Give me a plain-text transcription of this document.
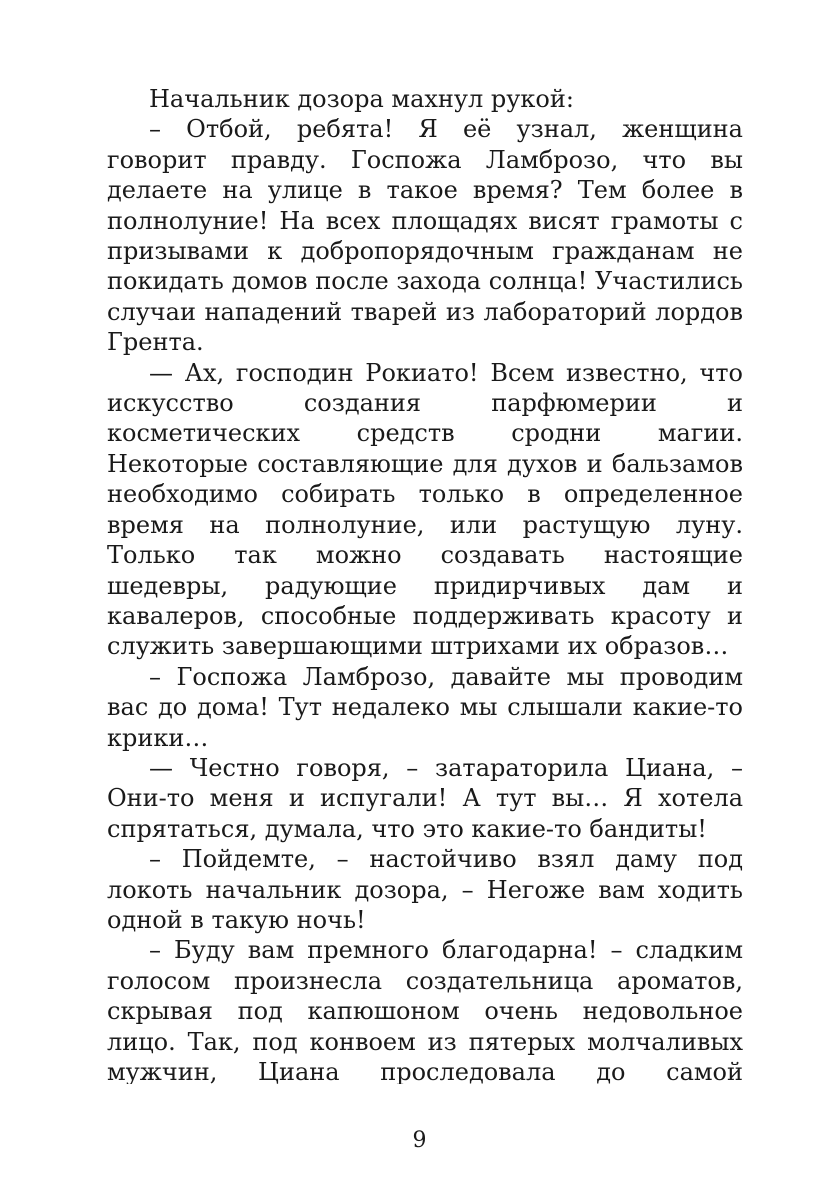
Начальник дозора махнул рукой:

– Отбой, ребята! Я её узнал, женщина говорит правду. Госпожа Ламброзо, что вы делаете на улице в такое время? Тем более в полнолуние! На всех площадях висят грамоты с призывами к добропорядочным гражданам не покидать домов после захода солнца! Участились случаи нападений тварей из лабораторий лордов Грента.

— Ах, господин Рокиато! Всем известно, что искусство создания парфюмерии и косметических средств сродни магии. Некоторые составляющие для духов и бальзамов необходимо собирать только в определенное время на полнолуние, или растущую луну. Только так можно создавать настоящие шедевры, радующие придирчивых дам и кавалеров, способные поддерживать красоту и служить завершающими штрихами их образов…

– Госпожа Ламброзо, давайте мы проводим вас до дома! Тут недалеко мы слышали какие-то крики…

— Честно говоря, – затараторила Циана, – Они-то меня и испугали! А тут вы… Я хотела спрятаться, думала, что это какие-то бандиты!

– Пойдемте, – настойчиво взял даму под локоть начальник дозора, – Негоже вам ходить одной в такую ночь!

– Буду вам премного благодарна! – сладким голосом произнесла создательница ароматов, скрывая под капюшоном очень недовольное лицо. Так, под конвоем из пятерых молчаливых мужчин, Циана проследовала до самой

9
